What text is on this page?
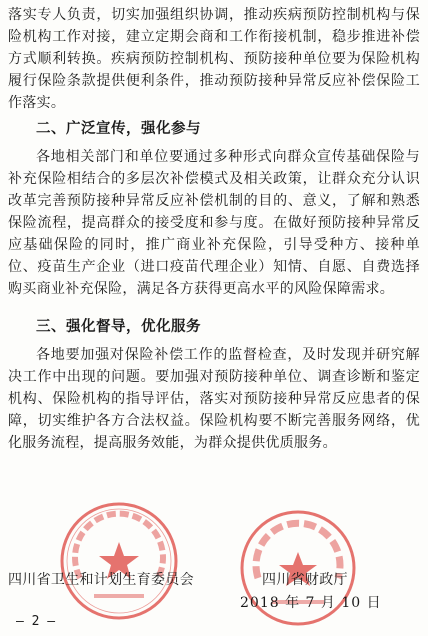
落实专人负责，切实加强组织协调，推动疾病预防控制机构与保险机构工作对接，建立定期会商和工作衔接机制，稳步推进补偿方式顺利转换。疾病预防控制机构、预防接种单位要为保险机构履行保险条款提供便利条件，推动预防接种异常反应补偿保险工作落实。

二、广泛宣传，强化参与

各地相关部门和单位要通过多种形式向群众宣传基础保险与补充保险相结合的多层次补偿模式及相关政策，让群众充分认识改革完善预防接种异常反应补偿机制的目的、意义，了解和熟悉保险流程，提高群众的接受度和参与度。在做好预防接种异常反应基础保险的同时，推广商业补充保险，引导受种方、接种单位、疫苗生产企业（进口疫苗代理企业）知情、自愿、自费选择购买商业补充保险，满足各方获得更高水平的风险保障需求。

三、强化督导，优化服务

各地要加强对保险补偿工作的监督检查，及时发现并研究解决工作中出现的问题。要加强对预防接种单位、调查诊断和鉴定机构、保险机构的指导评估，落实对预防接种异常反应患者的保障，切实维护各方合法权益。保险机构要不断完善服务网络，优化服务流程，提高服务效能，为群众提供优质服务。

四川省卫生和计划生育委员会	四川省财政厅

2018 年 7 月 10 日

— 2 —
